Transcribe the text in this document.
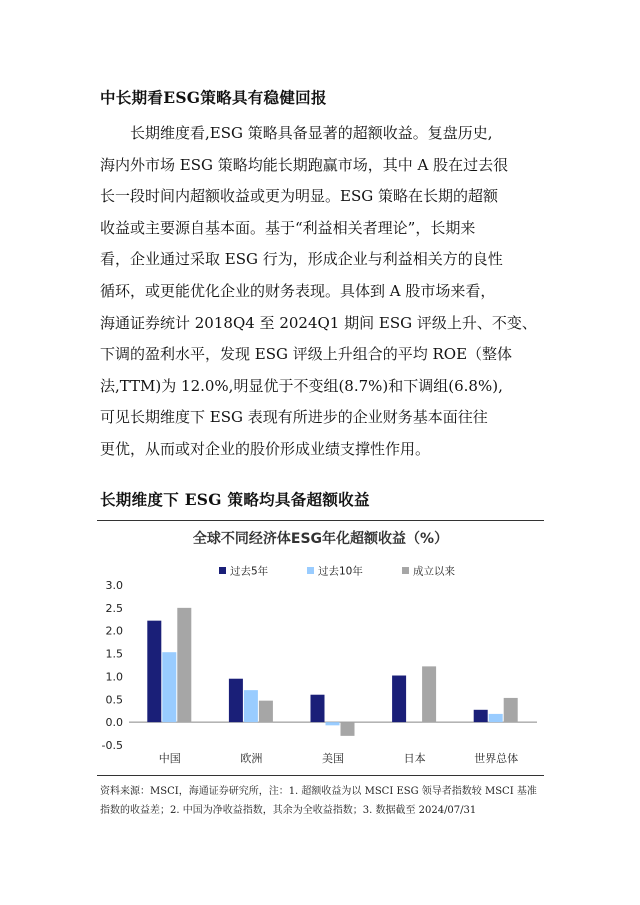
中长期看ESG策略具有稳健回报
长期维度看,ESG 策略具备显著的超额收益。复盘历史,
海内外市场 ESG 策略均能长期跑赢市场，其中 A 股在过去很
长一段时间内超额收益或更为明显。ESG 策略在长期的超额
收益或主要源自基本面。基于“利益相关者理论”，长期来
看，企业通过采取 ESG 行为，形成企业与利益相关方的良性
循环，或更能优化企业的财务表现。具体到 A 股市场来看，
海通证券统计 2018Q4 至 2024Q1 期间 ESG 评级上升、不变、
下调的盈利水平，发现 ESG 评级上升组合的平均 ROE（整体
法,TTM)为 12.0%,明显优于不变组(8.7%)和下调组(6.8%),
可见长期维度下 ESG 表现有所进步的企业财务基本面往往
更优，从而或对企业的股价形成业绩支撑性作用。
长期维度下 ESG 策略均具备超额收益
全球不同经济体ESG年化超额收益（%）
过去5年	过去10年	成立以来
3.0
2.5
2.0
1.5
1.0
0.5
0.0
-0.5
中国	欧洲	美国	日本	世界总体
资料来源：MSCI，海通证券研究所，注：1. 超额收益为以 MSCI ESG 领导者指数较 MSCI 基准
指数的收益差；2. 中国为净收益指数，其余为全收益指数；3. 数据截至 2024/07/31
